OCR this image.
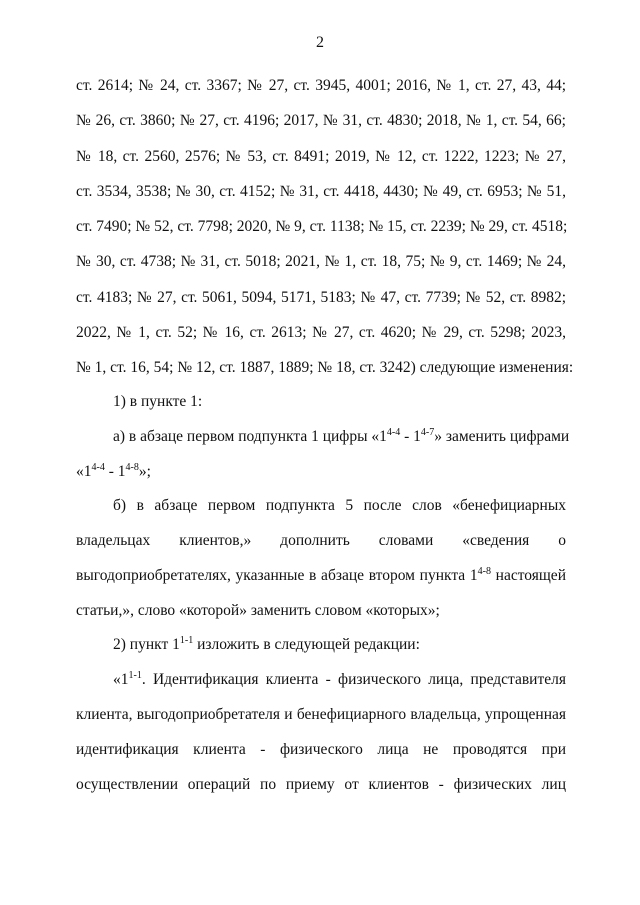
2
ст. 2614; № 24, ст. 3367; № 27, ст. 3945, 4001; 2016, № 1, ст. 27, 43, 44;
№ 26, ст. 3860; № 27, ст. 4196; 2017, № 31, ст. 4830; 2018, № 1, ст. 54, 66;
№ 18, ст. 2560, 2576; № 53, ст. 8491; 2019, № 12, ст. 1222, 1223; № 27,
ст. 3534, 3538; № 30, ст. 4152; № 31, ст. 4418, 4430; № 49, ст. 6953; № 51,
ст. 7490; № 52, ст. 7798; 2020, № 9, ст. 1138; № 15, ст. 2239; № 29, ст. 4518;
№ 30, ст. 4738; № 31, ст. 5018; 2021, № 1, ст. 18, 75; № 9, ст. 1469; № 24,
ст. 4183; № 27, ст. 5061, 5094, 5171, 5183; № 47, ст. 7739; № 52, ст. 8982;
2022, № 1, ст. 52; № 16, ст. 2613; № 27, ст. 4620; № 29, ст. 5298; 2023,
№ 1, ст. 16, 54; № 12, ст. 1887, 1889; № 18, ст. 3242) следующие изменения:
1) в пункте 1:
а) в абзаце первом подпункта 1 цифры «1$^{4-4}$ - 1$^{4-7}$» заменить цифрами
«1$^{4-4}$ - 1$^{4-8}$»;
б) в абзаце первом подпункта 5 после слов «бенефициарных
владельцах клиентов,» дополнить словами «сведения о
выгодоприобретателях, указанные в абзаце втором пункта 1$^{4-8}$ настоящей
статьи,», слово «которой» заменить словом «которых»;
2) пункт 1$^{1-1}$ изложить в следующей редакции:
«1$^{1-1}$. Идентификация клиента - физического лица, представителя
клиента, выгодоприобретателя и бенефициарного владельца, упрощенная
идентификация клиента - физического лица не проводятся при
осуществлении операций по приему от клиентов - физических лиц
